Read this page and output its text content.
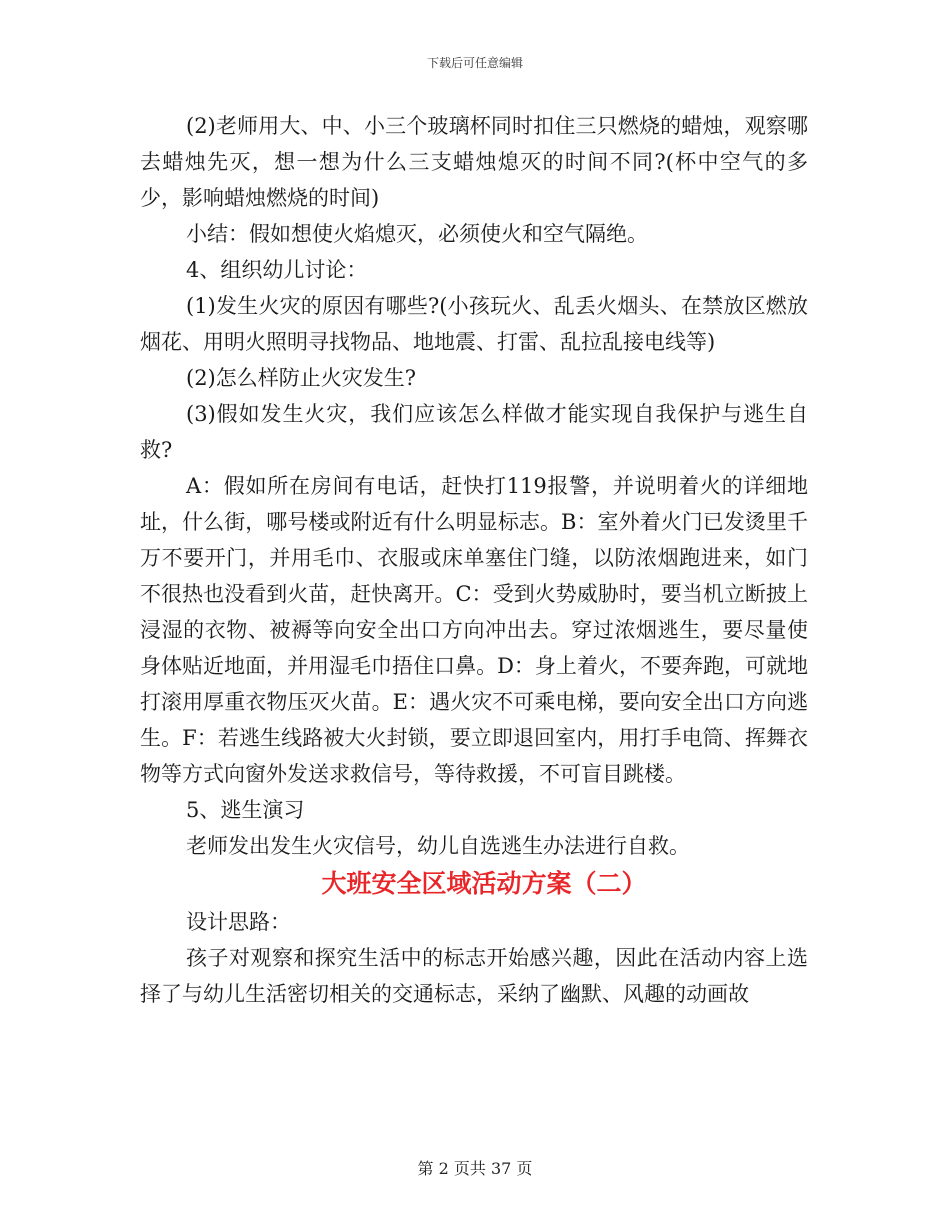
下载后可任意编辑

(2)老师用大、中、小三个玻璃杯同时扣住三只燃烧的蜡烛，观察哪去蜡烛先灭，想一想为什么三支蜡烛熄灭的时间不同?(杯中空气的多少，影响蜡烛燃烧的时间)

小结：假如想使火焰熄灭，必须使火和空气隔绝。

4、组织幼儿讨论：

(1)发生火灾的原因有哪些?(小孩玩火、乱丢火烟头、在禁放区燃放烟花、用明火照明寻找物品、地地震、打雷、乱拉乱接电线等)

(2)怎么样防止火灾发生?

(3)假如发生火灾，我们应该怎么样做才能实现自我保护与逃生自救?

A：假如所在房间有电话，赶快打119报警，并说明着火的详细地址，什么街，哪号楼或附近有什么明显标志。B：室外着火门已发烫里千万不要开门，并用毛巾、衣服或床单塞住门缝，以防浓烟跑进来，如门不很热也没看到火苗，赶快离开。C：受到火势威胁时，要当机立断披上浸湿的衣物、被褥等向安全出口方向冲出去。穿过浓烟逃生，要尽量使身体贴近地面，并用湿毛巾捂住口鼻。D：身上着火，不要奔跑，可就地打滚用厚重衣物压灭火苗。E：遇火灾不可乘电梯，要向安全出口方向逃生。F：若逃生线路被大火封锁，要立即退回室内，用打手电筒、挥舞衣物等方式向窗外发送求救信号，等待救援，不可盲目跳楼。

5、逃生演习

老师发出发生火灾信号，幼儿自选逃生办法进行自救。

大班安全区域活动方案（二）

设计思路：

孩子对观察和探究生活中的标志开始感兴趣，因此在活动内容上选择了与幼儿生活密切相关的交通标志，采纳了幽默、风趣的动画故

第 2 页共 37 页
